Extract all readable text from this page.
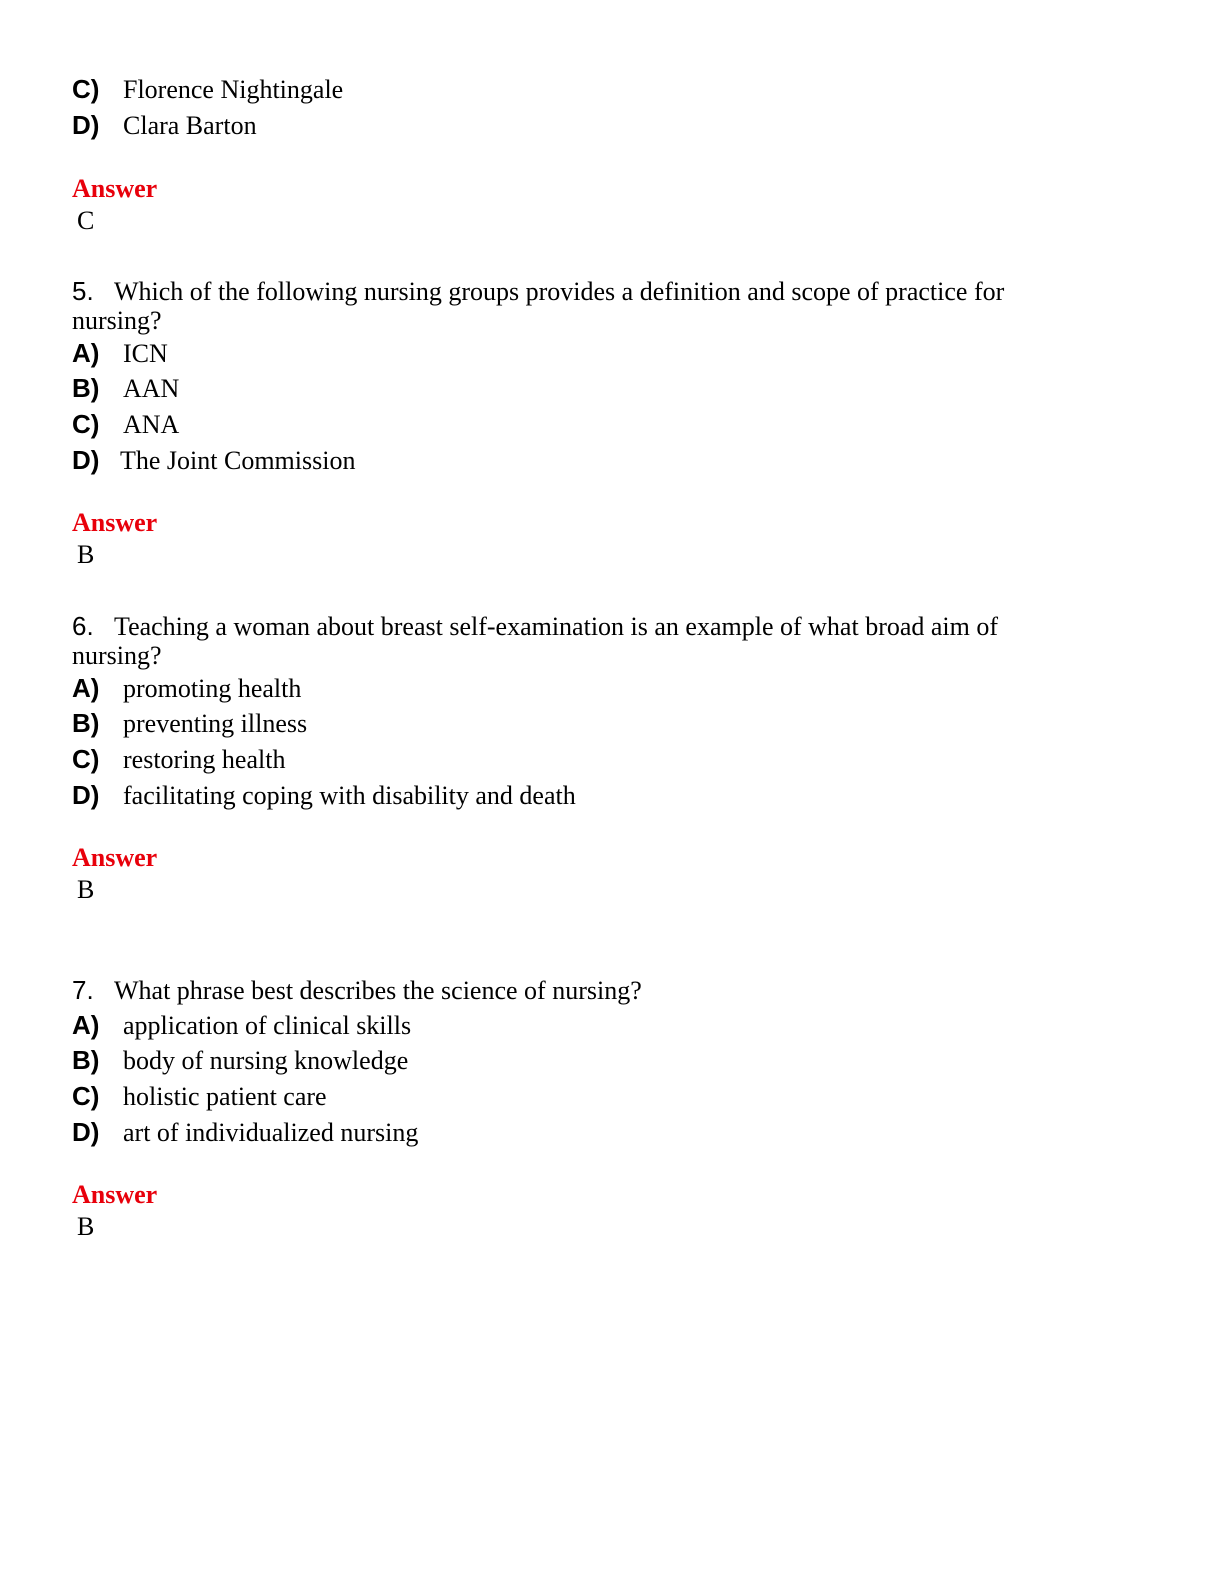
C) Florence Nightingale
D) Clara Barton
Answer
C
5. Which of the following nursing groups provides a definition and scope of practice for
nursing?
A) ICN
B) AAN
C) ANA
D) The Joint Commission
Answer
B
6. Teaching a woman about breast self-examination is an example of what broad aim of
nursing?
A) promoting health
B) preventing illness
C) restoring health
D) facilitating coping with disability and death
Answer
B
7. What phrase best describes the science of nursing?
A) application of clinical skills
B) body of nursing knowledge
C) holistic patient care
D) art of individualized nursing
Answer
B
